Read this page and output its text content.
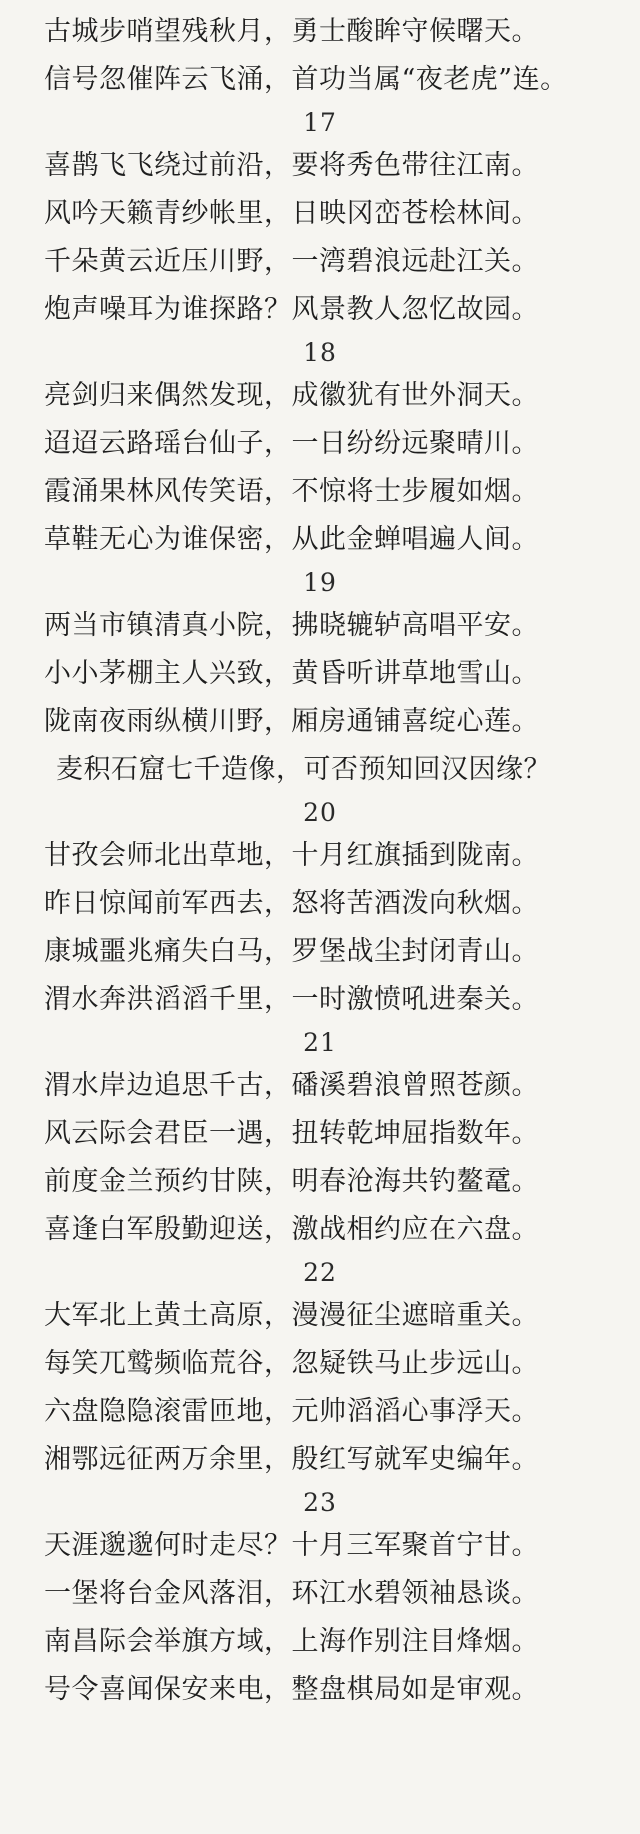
古城步哨望残秋月，勇士酸眸守候曙天。
信号忽催阵云飞涌，首功当属“夜老虎”连。
17
喜鹊飞飞绕过前沿，要将秀色带往江南。
风吟天籁青纱帐里，日映冈峦苍桧林间。
千朵黄云近压川野，一湾碧浪远赴江关。
炮声噪耳为谁探路？风景教人忽忆故园。
18
亮剑归来偶然发现，成徽犹有世外洞天。
迢迢云路瑶台仙子，一日纷纷远聚晴川。
霞涌果林风传笑语，不惊将士步履如烟。
草鞋无心为谁保密，从此金蝉唱遍人间。
19
两当市镇清真小院，拂晓辘轳高唱平安。
小小茅棚主人兴致，黄昏听讲草地雪山。
陇南夜雨纵横川野，厢房通铺喜绽心莲。
麦积石窟七千造像，可否预知回汉因缘？
20
甘孜会师北出草地，十月红旗插到陇南。
昨日惊闻前军西去，怒将苦酒泼向秋烟。
康城噩兆痛失白马，罗堡战尘封闭青山。
渭水奔洪滔滔千里，一时激愤吼进秦关。
21
渭水岸边追思千古，磻溪碧浪曾照苍颜。
风云际会君臣一遇，扭转乾坤屈指数年。
前度金兰预约甘陕，明春沧海共钓鳌鼋。
喜逢白军殷勤迎送，激战相约应在六盘。
22
大军北上黄土高原，漫漫征尘遮暗重关。
每笑兀鹫频临荒谷，忽疑铁马止步远山。
六盘隐隐滚雷匝地，元帅滔滔心事浮天。
湘鄂远征两万余里，殷红写就军史编年。
23
天涯邈邈何时走尽？十月三军聚首宁甘。
一堡将台金风落泪，环江水碧领袖恳谈。
南昌际会举旗方域，上海作别注目烽烟。
号令喜闻保安来电，整盘棋局如是审观。
